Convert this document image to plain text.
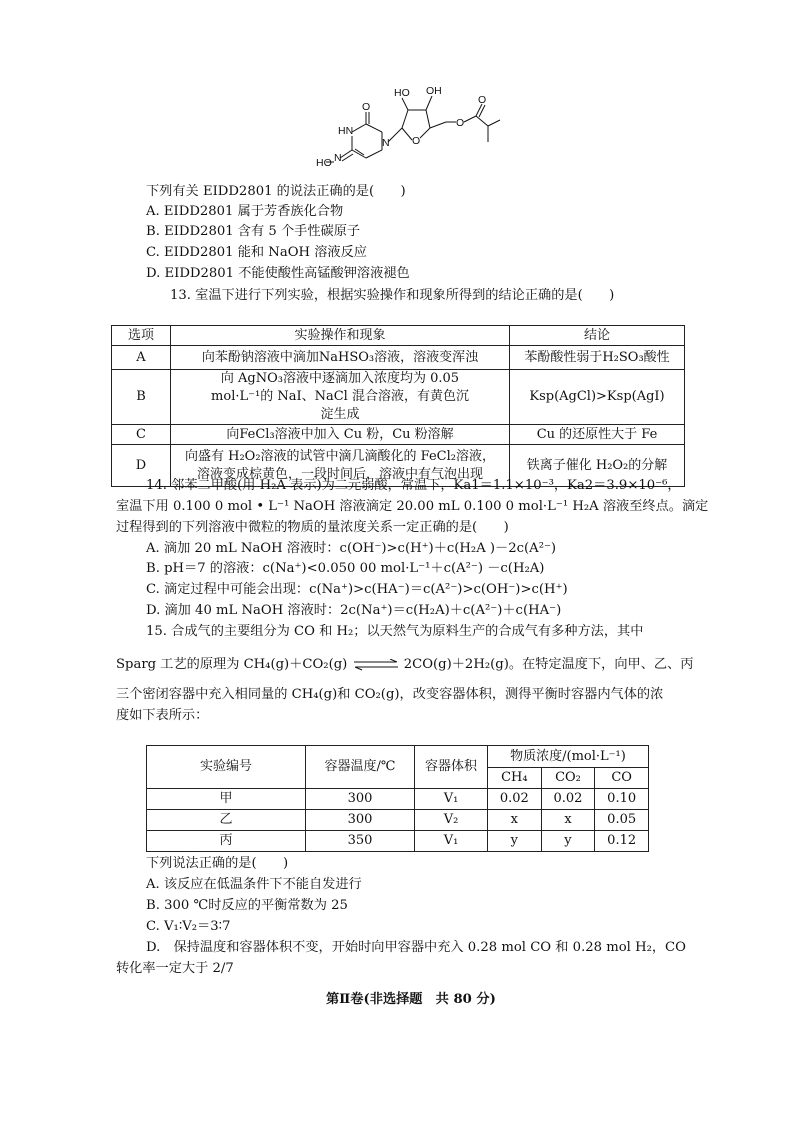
HO OH
O
O
O
O
HN
N
N
HO
下列有关 EIDD2801 的说法正确的是(　　)
A. EIDD2801 属于芳香族化合物
B. EIDD2801 含有 5 个手性碳原子
C. EIDD2801 能和 NaOH 溶液反应
D. EIDD2801 不能使酸性高锰酸钾溶液褪色
13. 室温下进行下列实验，根据实验操作和现象所得到的结论正确的是(　　)
选项	实验操作和现象	结论
A	向苯酚钠溶液中滴加NaHSO₃溶液，溶液变浑浊	苯酚酸性弱于H₂SO₃酸性
B	向 AgNO₃溶液中逐滴加入浓度均为 0.05 mol·L⁻¹的 NaI、NaCl 混合溶液，有黄色沉淀生成	Ksp(AgCl)>Ksp(AgI)
C	向FeCl₃溶液中加入 Cu 粉，Cu 粉溶解	Cu 的还原性大于 Fe
D	向盛有 H₂O₂溶液的试管中滴几滴酸化的 FeCl₂溶液，溶液变成棕黄色，一段时间后，溶液中有气泡出现	铁离子催化 H₂O₂的分解
14. 邻苯二甲酸(用 H₂A 表示)为二元弱酸，常温下，Ka1＝1.1×10⁻³，Ka2＝3.9×10⁻⁶，
室温下用 0.100 0 mol • L⁻¹ NaOH 溶液滴定 20.00 mL 0.100 0 mol·L⁻¹ H₂A 溶液至终点。滴定
过程得到的下列溶液中微粒的物质的量浓度关系一定正确的是(　　)
A. 滴加 20 mL NaOH 溶液时：c(OH⁻)>c(H⁺)＋c(H₂A )－2c(A²⁻)
B. pH＝7 的溶液：c(Na⁺)<0.050 00 mol·L⁻¹＋c(A²⁻) －c(H₂A)
C. 滴定过程中可能会出现：c(Na⁺)>c(HA⁻)＝c(A²⁻)>c(OH⁻)>c(H⁺)
D. 滴加 40 mL NaOH 溶液时：2c(Na⁺)＝c(H₂A)＋c(A²⁻)＋c(HA⁻)
15. 合成气的主要组分为 CO 和 H₂；以天然气为原料生产的合成气有多种方法，其中
Sparg 工艺的原理为 CH₄(g)＋CO₂(g) ⇌ 2CO(g)＋2H₂(g)。在特定温度下，向甲、乙、丙
三个密闭容器中充入相同量的 CH₄(g)和 CO₂(g)，改变容器体积，测得平衡时容器内气体的浓
度如下表所示：
实验编号	容器温度/℃	容器体积	物质浓度/(mol·L⁻¹)		
			CH₄	CO₂	CO
甲	300	V₁	0.02	0.02	0.10
乙	300	V₂	x	x	0.05
丙	350	V₁	y	y	0.12
下列说法正确的是(　　)
A. 该反应在低温条件下不能自发进行
B. 300 ℃时反应的平衡常数为 25
C. V₁∶V₂＝3∶7
D.　保持温度和容器体积不变，开始时向甲容器中充入 0.28 mol CO 和 0.28 mol H₂，CO
转化率一定大于 2/7
第Ⅱ卷(非选择题　共 80 分)
